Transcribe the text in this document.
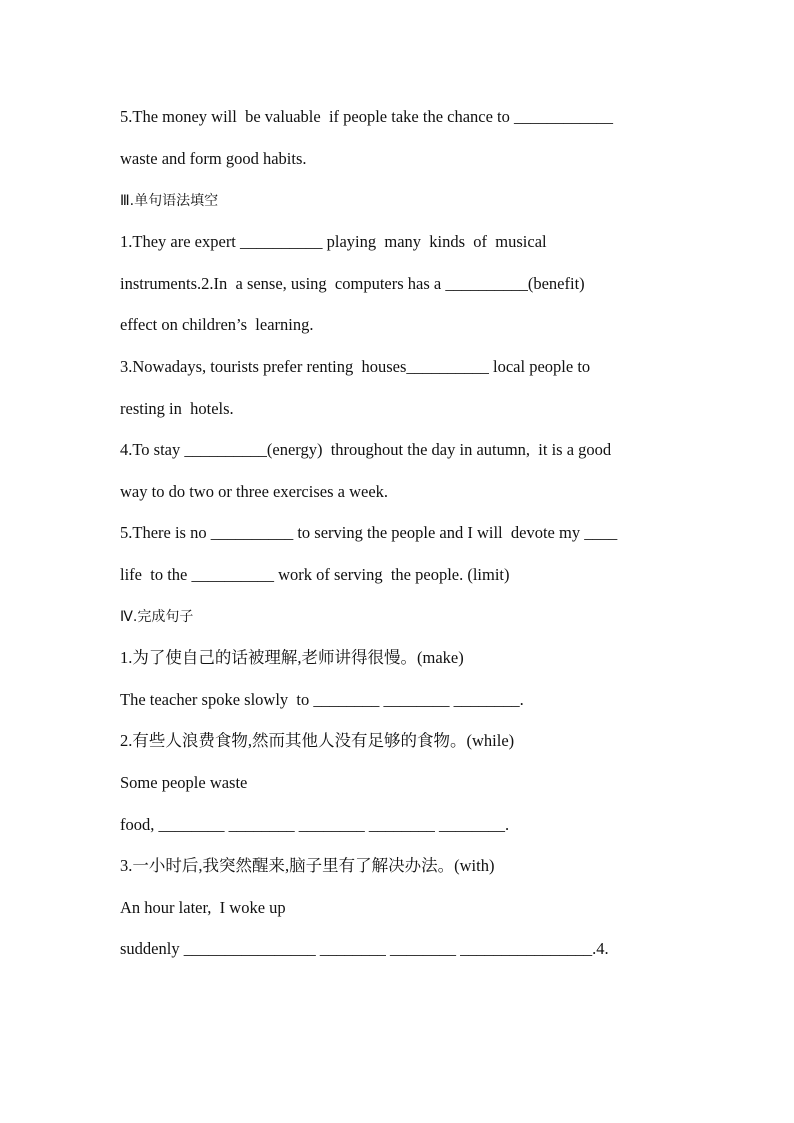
5.The money will  be valuable  if people take the chance to ____________

waste and form good habits.

Ⅲ.单句语法填空

1.They are expert __________ playing  many  kinds  of  musical

instruments.2.In  a sense, using  computers has a __________(benefit)

effect on children’s  learning.

3.Nowadays, tourists prefer renting  houses__________ local people to

resting in  hotels.

4.To stay __________(energy)  throughout the day in autumn,  it is a good

way to do two or three exercises a week.

5.There is no __________ to serving the people and I will  devote my ____

life  to the __________ work of serving  the people. (limit)

Ⅳ.完成句子

1.为了使自己的话被理解,老师讲得很慢。(make)

The teacher spoke slowly  to ________ ________ ________.

2.有些人浪费食物,然而其他人没有足够的食物。(while)

Some people waste

food, ________ ________ ________ ________ ________.

3.一小时后,我突然醒来,脑子里有了解决办法。(with)

An hour later,  I woke up

suddenly ________________ ________ ________ ________________.4.
